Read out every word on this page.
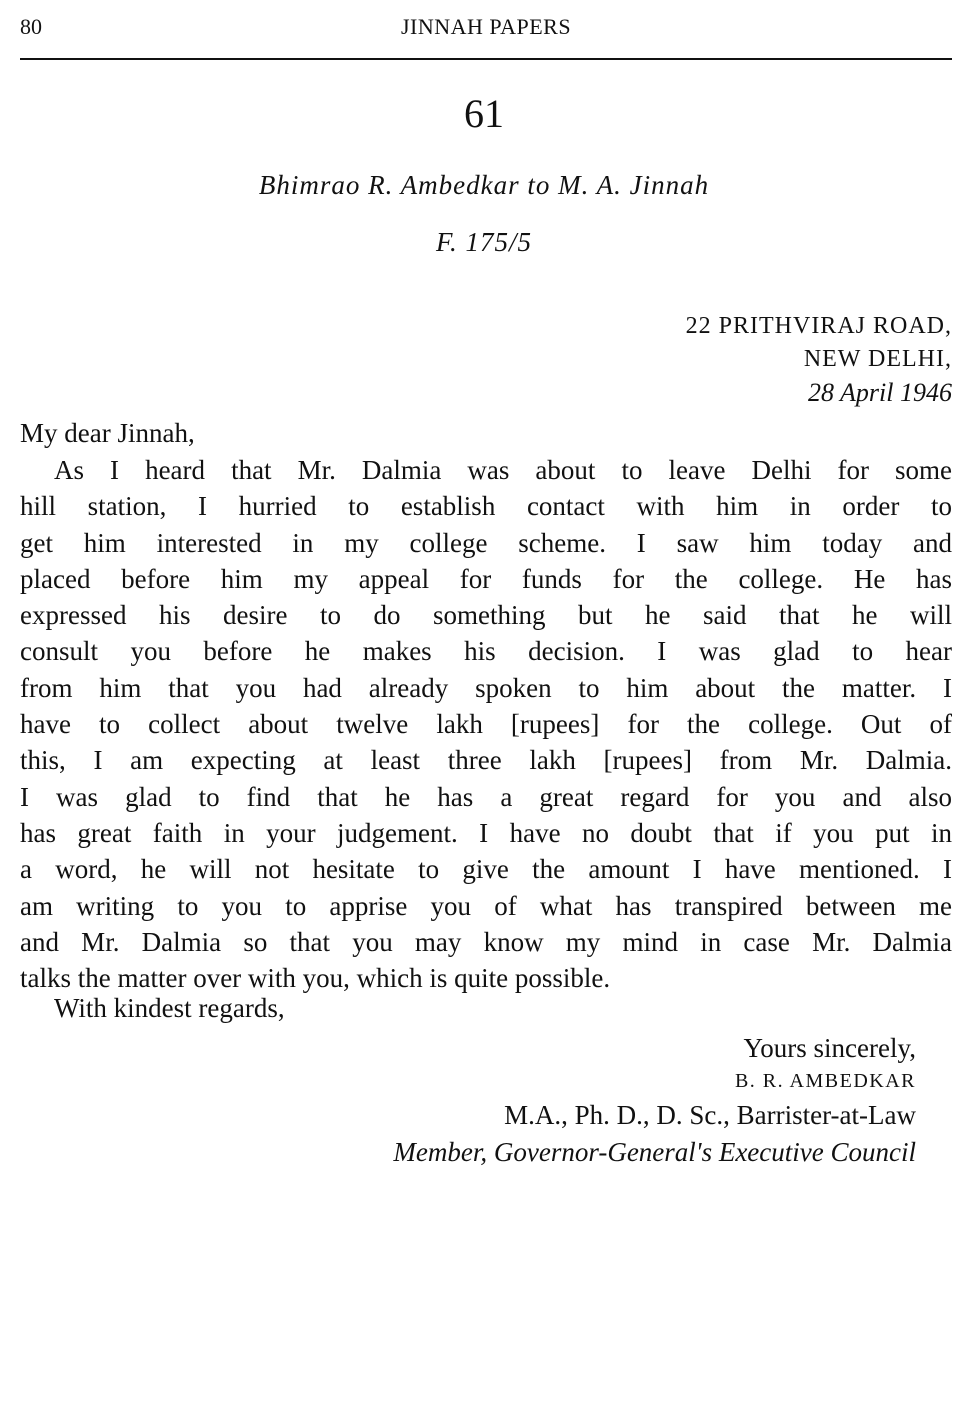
80	JINNAH PAPERS
61
Bhimrao R. Ambedkar to M. A. Jinnah
F. 175/5
22 PRITHVIRAJ ROAD,
NEW DELHI,
28 April 1946
My dear Jinnah,
As I heard that Mr. Dalmia was about to leave Delhi for some
hill station, I hurried to establish contact with him in order to
get him interested in my college scheme. I saw him today and
placed before him my appeal for funds for the college. He has
expressed his desire to do something but he said that he will
consult you before he makes his decision. I was glad to hear
from him that you had already spoken to him about the matter. I
have to collect about twelve lakh [rupees] for the college. Out of
this, I am expecting at least three lakh [rupees] from Mr. Dalmia.
I was glad to find that he has a great regard for you and also
has great faith in your judgement. I have no doubt that if you put in
a word, he will not hesitate to give the amount I have mentioned. I
am writing to you to apprise you of what has transpired between me
and Mr. Dalmia so that you may know my mind in case Mr. Dalmia
talks the matter over with you, which is quite possible.
With kindest regards,
Yours sincerely,
B. R. AMBEDKAR
M.A., Ph. D., D. Sc., Barrister-at-Law
Member, Governor-General's Executive Council
